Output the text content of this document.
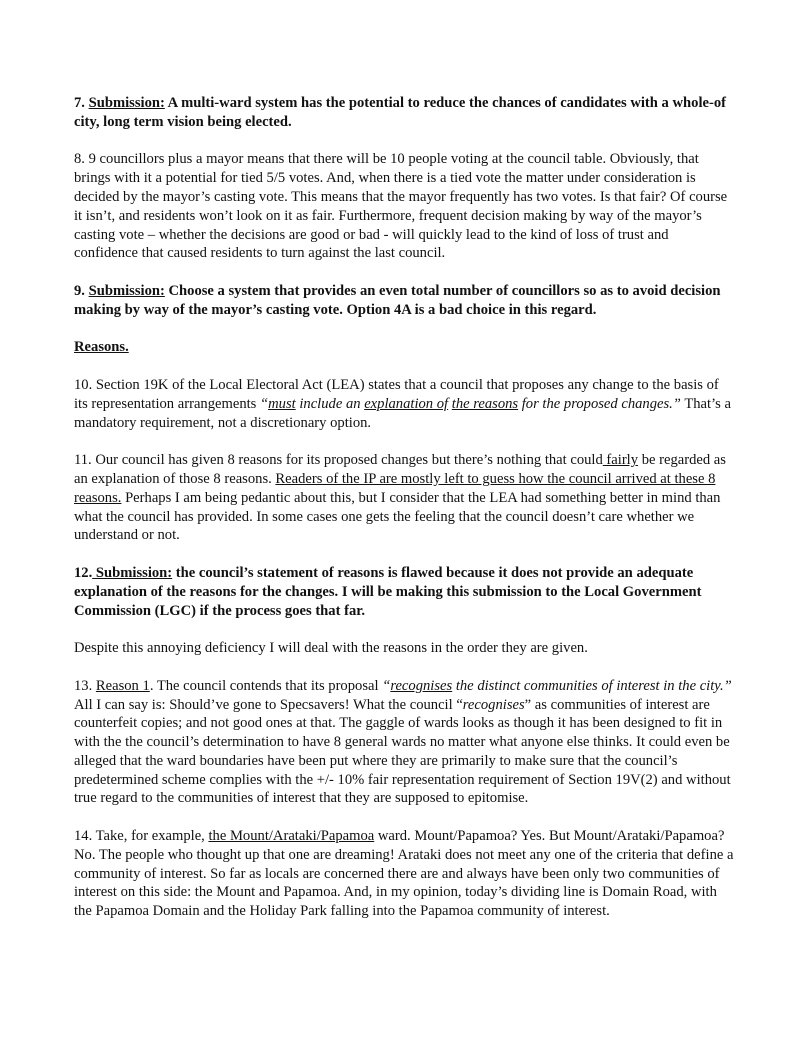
7. Submission: A multi-ward system has the potential to reduce the chances of candidates with a whole-of city, long term vision being elected.

8. 9 councillors plus a mayor means that there will be 10 people voting at the council table. Obviously, that brings with it a potential for tied 5/5 votes. And, when there is a tied vote the matter under consideration is decided by the mayor’s casting vote. This means that the mayor frequently has two votes. Is that fair? Of course it isn’t, and residents won’t look on it as fair. Furthermore, frequent decision making by way of the mayor’s casting vote – whether the decisions are good or bad - will quickly lead to the kind of loss of trust and confidence that caused residents to turn against the last council.

9. Submission: Choose a system that provides an even total number of councillors so as to avoid decision making by way of the mayor’s casting vote. Option 4A is a bad choice in this regard.

Reasons.

10. Section 19K of the Local Electoral Act (LEA) states that a council that proposes any change to the basis of its representation arrangements “must include an explanation of the reasons for the proposed changes.” That’s a mandatory requirement, not a discretionary option.

11. Our council has given 8 reasons for its proposed changes but there’s nothing that could fairly be regarded as an explanation of those 8 reasons. Readers of the IP are mostly left to guess how the council arrived at these 8 reasons. Perhaps I am being pedantic about this, but I consider that the LEA had something better in mind than what the council has provided. In some cases one gets the feeling that the council doesn’t care whether we understand or not.

12. Submission: the council’s statement of reasons is flawed because it does not provide an adequate explanation of the reasons for the changes. I will be making this submission to the Local Government Commission (LGC) if the process goes that far.

Despite this annoying deficiency I will deal with the reasons in the order they are given.

13. Reason 1. The council contends that its proposal “recognises the distinct communities of interest in the city.” All I can say is: Should’ve gone to Specsavers! What the council “recognises” as communities of interest are counterfeit copies; and not good ones at that. The gaggle of wards looks as though it has been designed to fit in with the the council’s determination to have 8 general wards no matter what anyone else thinks. It could even be alleged that the ward boundaries have been put where they are primarily to make sure that the council’s predetermined scheme complies with the +/- 10% fair representation requirement of Section 19V(2) and without true regard to the communities of interest that they are supposed to epitomise.

14. Take, for example, the Mount/Arataki/Papamoa ward. Mount/Papamoa? Yes. But Mount/Arataki/Papamoa? No. The people who thought up that one are dreaming! Arataki does not meet any one of the criteria that define a community of interest. So far as locals are concerned there are and always have been only two communities of interest on this side: the Mount and Papamoa. And, in my opinion, today’s dividing line is Domain Road, with the Papamoa Domain and the Holiday Park falling into the Papamoa community of interest.
